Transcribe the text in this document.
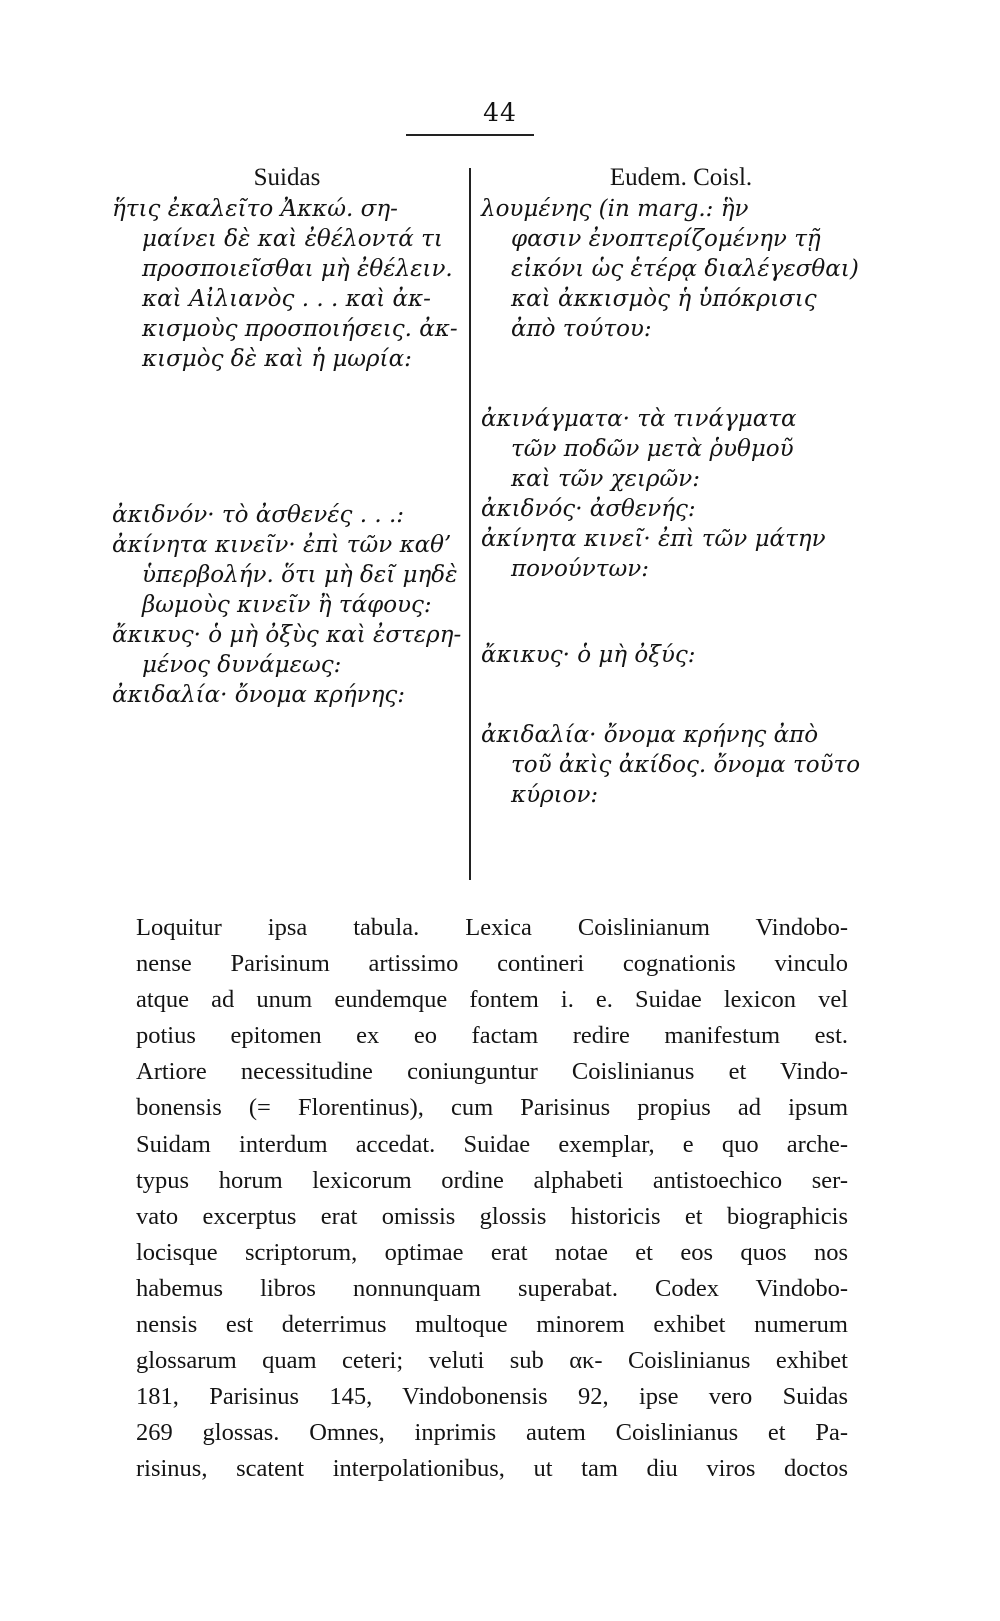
44
Suidas
ἥτις ἐκαλεῖτο Ἀκκώ. ση-
μαίνει δὲ καὶ ἐθέλοντά τι
προσποιεῖσθαι μὴ ἐθέλειν.
καὶ Αἰλιανὸς . . . καὶ ἀκ-
κισμοὺς προσποιήσεις. ἀκ-
κισμὸς δὲ καὶ ἡ μωρία:
ἀκιδνόν· τὸ ἀσθενές . . .:
ἀκίνητα κινεῖν· ἐπὶ τῶν καθ’
ὑπερβολήν. ὅτι μὴ δεῖ μηδὲ
βωμοὺς κινεῖν ἢ τάφους:
ἄκικυς· ὁ μὴ ὀξὺς καὶ ἐστερη-
μένος δυνάμεως:
ἀκιδαλία· ὄνομα κρήνης:
Eudem. Coisl.
λουμένης (in marg.: ἣν
φασιν ἐνοπτερίζομένην τῇ
εἰκόνι ὡς ἑτέρᾳ διαλέγεσθαι)
καὶ ἀκκισμὸς ἡ ὑπόκρισις
ἀπὸ τούτου:
ἀκινάγματα· τὰ τινάγματα
τῶν ποδῶν μετὰ ῥυθμοῦ
καὶ τῶν χειρῶν:
ἀκιδνός· ἀσθενής:
ἀκίνητα κινεῖ· ἐπὶ τῶν μάτην
πονούντων:
ἄκικυς· ὁ μὴ ὀξύς:
ἀκιδαλία· ὄνομα κρήνης ἀπὸ
τοῦ ἀκὶς ἀκίδος. ὄνομα τοῦτο
κύριον:
Loquitur ipsa tabula. Lexica Coislinianum Vindobo-
nense Parisinum artissimo contineri cognationis vinculo
atque ad unum eundemque fontem i. e. Suidae lexicon vel
potius epitomen ex eo factam redire manifestum est.
Artiore necessitudine coniunguntur Coislinianus et Vindo-
bonensis (= Florentinus), cum Parisinus propius ad ipsum
Suidam interdum accedat. Suidae exemplar, e quo arche-
typus horum lexicorum ordine alphabeti antistoechico ser-
vato excerptus erat omissis glossis historicis et biographicis
locisque scriptorum, optimae erat notae et eos quos nos
habemus libros nonnunquam superabat. Codex Vindobo-
nensis est deterrimus multoque minorem exhibet numerum
glossarum quam ceteri; veluti sub ακ- Coislinianus exhibet
181, Parisinus 145, Vindobonensis 92, ipse vero Suidas
269 glossas. Omnes, inprimis autem Coislinianus et Pa-
risinus, scatent interpolationibus, ut tam diu viros doctos
